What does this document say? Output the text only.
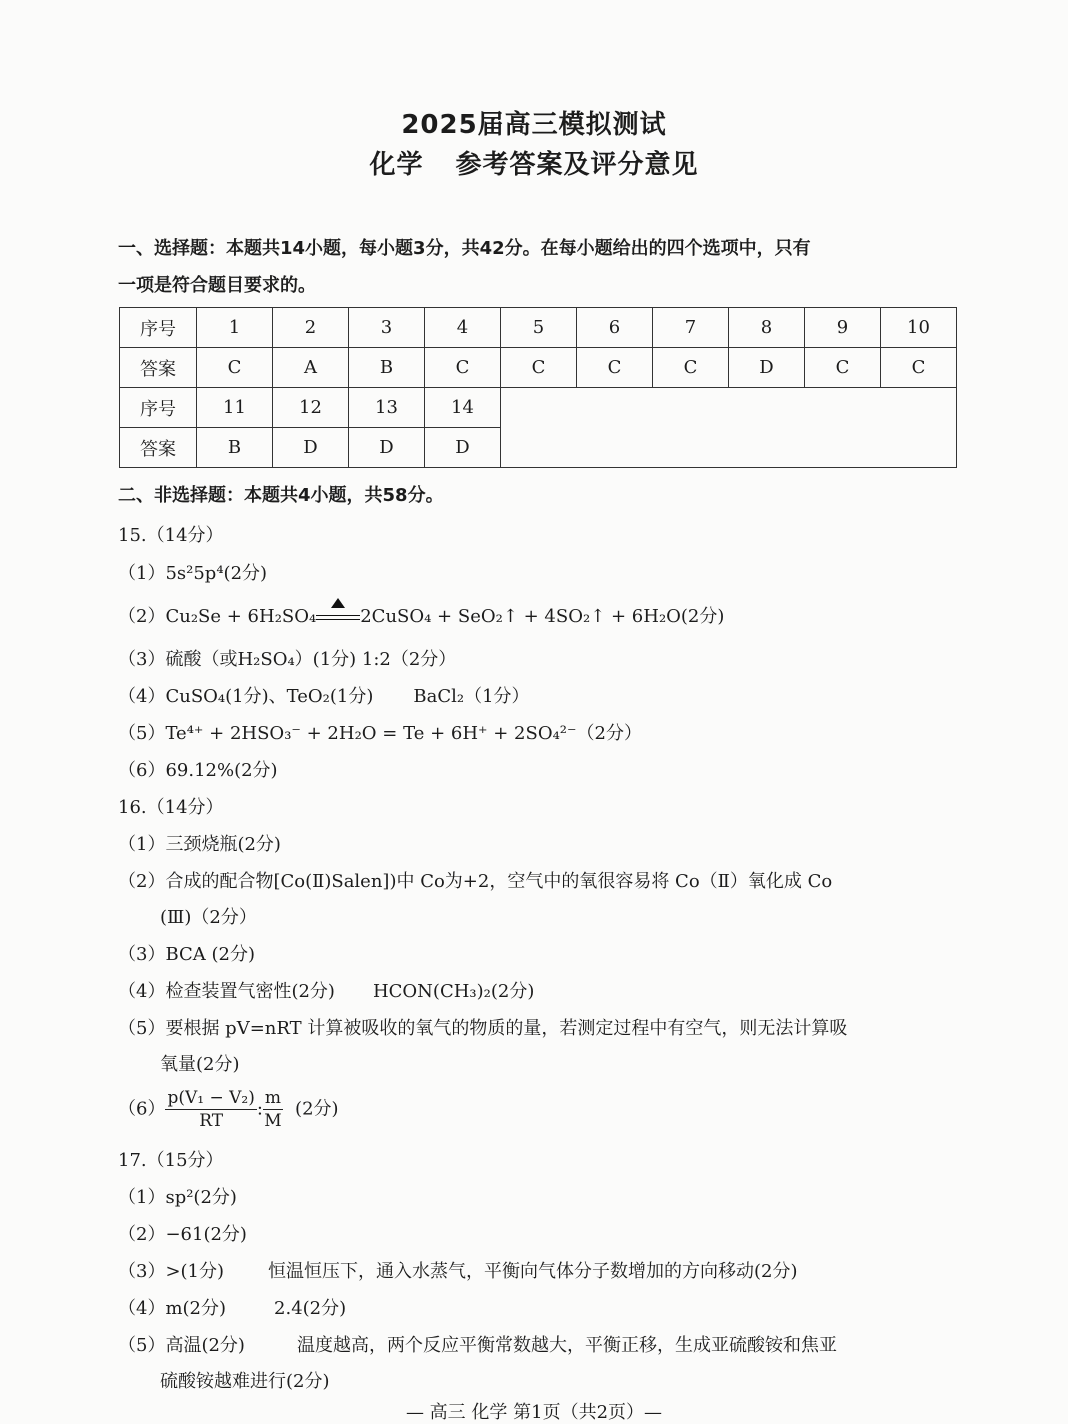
2025届高三模拟测试
化学 参考答案及评分意见
一、选择题：本题共14小题，每小题3分，共42分。在每小题给出的四个选项中，只有
一项是符合题目要求的。
序号	1	2	3	4	5	6	7	8	9	10
答案	C	A	B	C	C	C	C	D	C	C
序号	11	12	13	14						
答案	B	D	D	D						
二、非选择题：本题共4小题，共58分。
15.（14分）
（1）5s²5p⁴(2分)
（2）Cu₂Se + 6H₂SO₄ 2CuSO₄ + SeO₂↑ + 4SO₂↑ + 6H₂O(2分)
（3）硫酸（或H₂SO₄）(1分) 1:2（2分）
（4）CuSO₄(1分)、TeO₂(1分) BaCl₂（1分）
（5）Te⁴⁺ + 2HSO₃⁻ + 2H₂O = Te + 6H⁺ + 2SO₄²⁻（2分）
（6）69.12%(2分)
16.（14分）
（1）三颈烧瓶(2分)
（2）合成的配合物[Co(Ⅱ)Salen])中 Co为+2，空气中的氧很容易将 Co（Ⅱ）氧化成 Co
(Ⅲ)（2分）
（3）BCA (2分)
（4）检查装置气密性(2分) HCON(CH₃)₂(2分)
（5）要根据 pV=nRT 计算被吸收的氧气的物质的量，若测定过程中有空气，则无法计算吸
氧量(2分)
$(6) \frac{\text{p(V₁ − V₂)}}{RT}$ : $\frac{m}{M} (2$分)
17.（15分）
（1）sp²(2分)
（2）−61(2分)
（3）>(1分) 恒温恒压下，通入水蒸气，平衡向气体分子数增加的方向移动(2分)
（4）m(2分)	2.4(2分)
（5）高温(2分)	温度越高，两个反应平衡常数越大，平衡正移，生成亚硫酸铵和焦亚
硫酸铵越难进行(2分)
— 高三 化学 第1页（共2页）—
